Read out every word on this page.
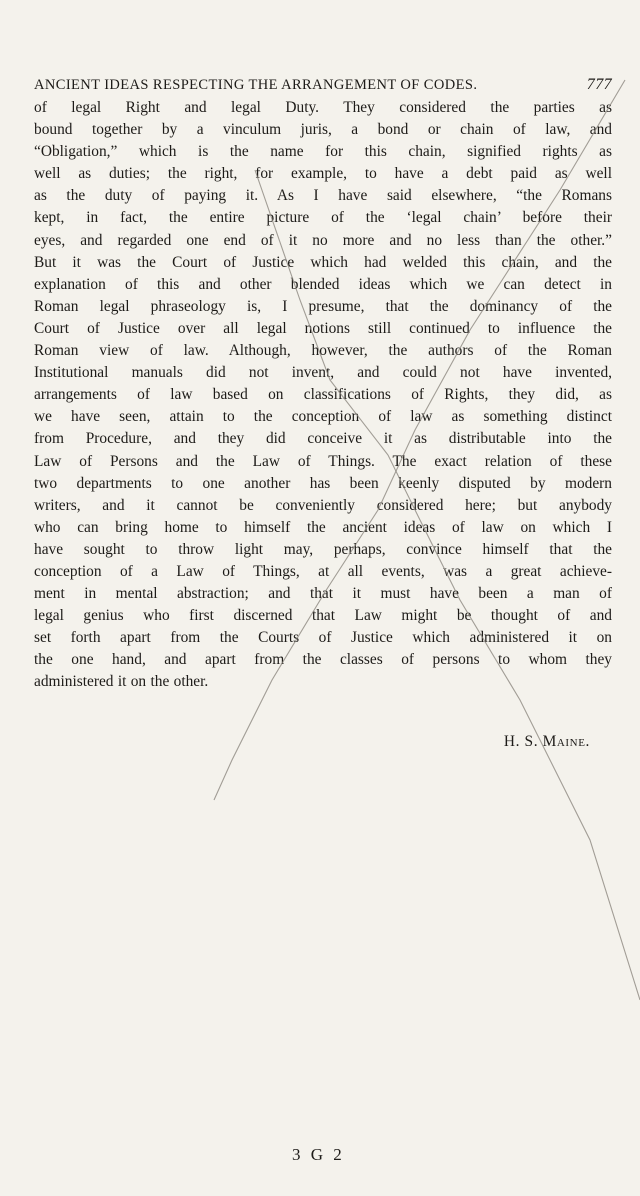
ANCIENT IDEAS RESPECTING THE ARRANGEMENT OF CODES.	777
of legal Right and legal Duty. They considered the parties as
bound together by a vinculum juris, a bond or chain of law, and
“Obligation,” which is the name for this chain, signified rights as
well as duties; the right, for example, to have a debt paid as well
as the duty of paying it. As I have said elsewhere, “the Romans
kept, in fact, the entire picture of the ‘legal chain’ before their
eyes, and regarded one end of it no more and no less than the other.”
But it was the Court of Justice which had welded this chain, and the
explanation of this and other blended ideas which we can detect in
Roman legal phraseology is, I presume, that the dominancy of the
Court of Justice over all legal notions still continued to influence the
Roman view of law. Although, however, the authors of the Roman
Institutional manuals did not invent, and could not have invented,
arrangements of law based on classifications of Rights, they did, as
we have seen, attain to the conception of law as something distinct
from Procedure, and they did conceive it as distributable into the
Law of Persons and the Law of Things. The exact relation of these
two departments to one another has been keenly disputed by modern
writers, and it cannot be conveniently considered here; but anybody
who can bring home to himself the ancient ideas of law on which I
have sought to throw light may, perhaps, convince himself that the
conception of a Law of Things, at all events, was a great achieve-
ment in mental abstraction; and that it must have been a man of
legal genius who first discerned that Law might be thought of and
set forth apart from the Courts of Justice which administered it on
the one hand, and apart from the classes of persons to whom they
administered it on the other.
H. S. Maine.
3 G 2
